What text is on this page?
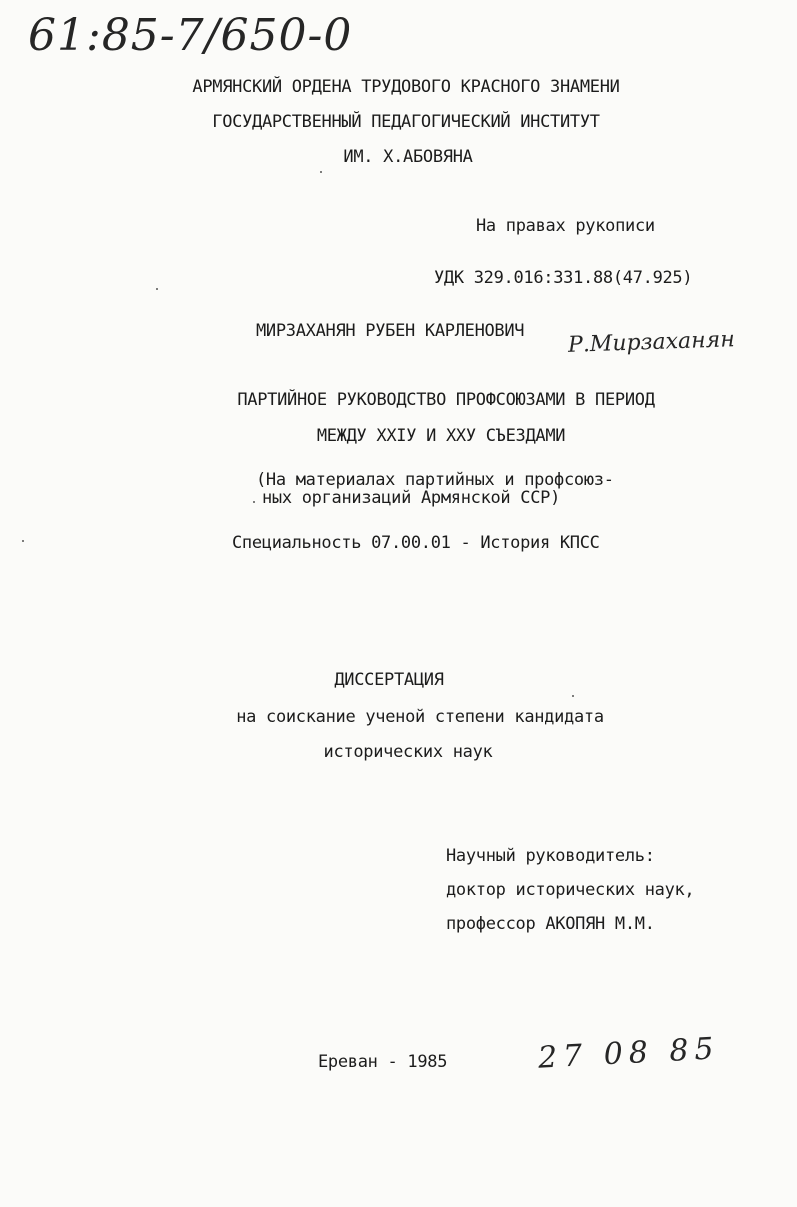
61:85-7/650-0
АРМЯНСКИЙ ОРДЕНА ТРУДОВОГО КРАСНОГО ЗНАМЕНИ
ГОСУДАРСТВЕННЫЙ ПЕДАГОГИЧЕСКИЙ ИНСТИТУТ
ИМ. Х.АБОВЯНА
На правах рукописи
УДК 329.016:331.88(47.925)
МИРЗАХАНЯН РУБЕН КАРЛЕНОВИЧ Р.Мирзаханян
ПАРТИЙНОЕ РУКОВОДСТВО ПРОФСОЮЗАМИ В ПЕРИОД
МЕЖДУ XXIУ И XXУ СЪЕЗДАМИ
(На материалах партийных и профсоюз-
ных организаций Армянской ССР)
Специальность 07.00.01 - История КПСС
ДИССЕРТАЦИЯ
на соискание ученой степени кандидата
исторических наук
Научный руководитель:
доктор исторических наук,
профессор АКОПЯН М.М.
Ереван - 1985	27 08 85
